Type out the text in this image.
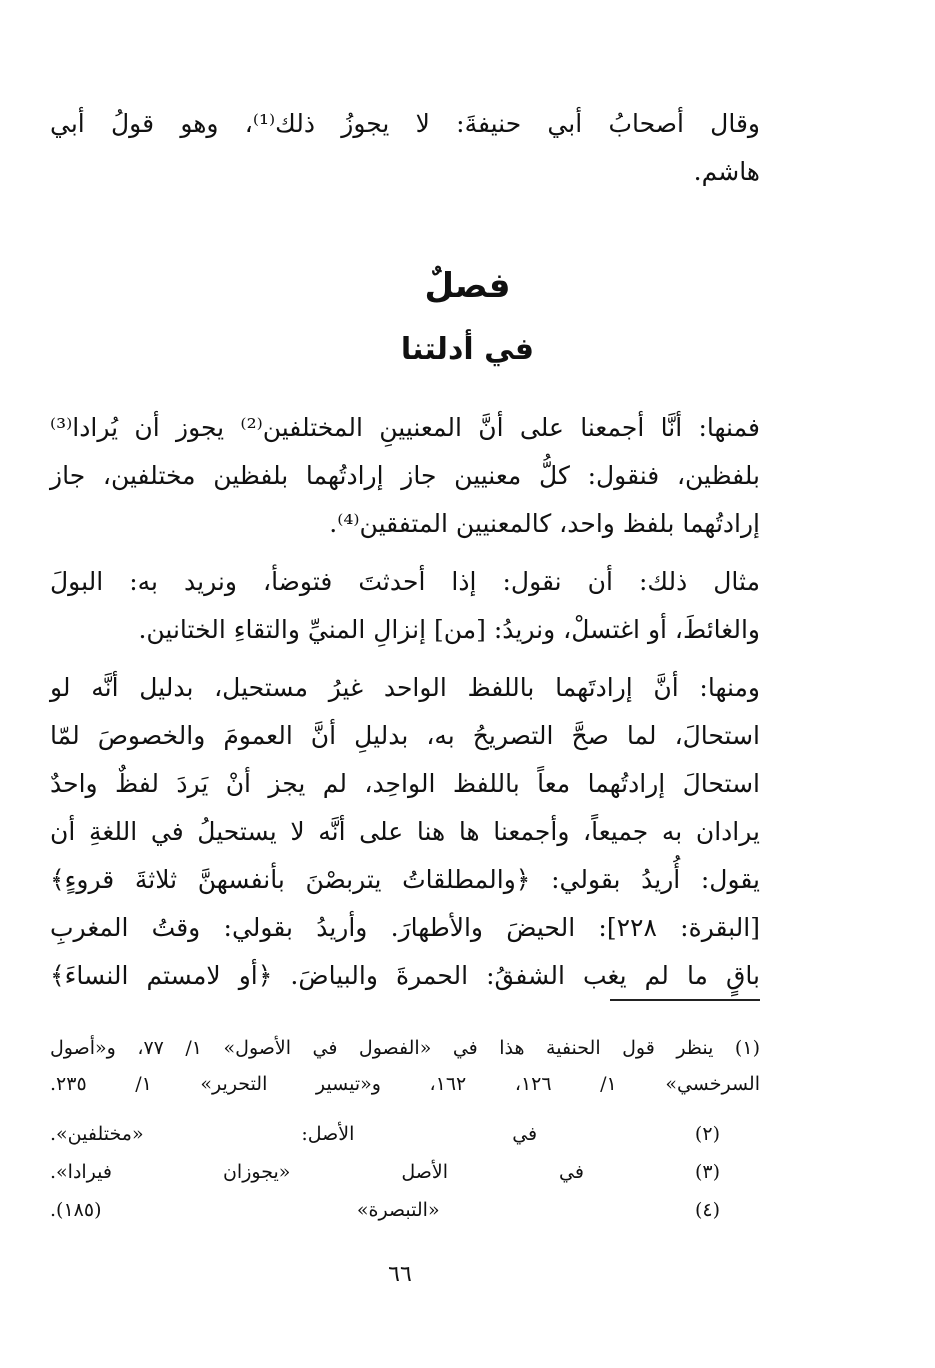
وقال أصحابُ أبي حنيفةَ: لا يجوزُ ذلك⁽¹⁾، وهو قولُ أبي
هاشم.
فصلٌ
في أدلتنا
فمنها: أنَّا أجمعنا على أنَّ المعنيينِ المختلفين⁽²⁾ يجوز أن يُرادا⁽³⁾
بلفظين، فنقول: كلُّ معنيين جاز إرادتُهما بلفظين مختلفين، جاز
إرادتُهما بلفظ واحد، كالمعنيين المتفقين⁽⁴⁾.
مثال ذلك: أن نقول: إذا أحدثتَ فتوضأ، ونريد به: البولَ
والغائطَ، أو اغتسلْ، ونريدُ: [من] إنزالِ المنيِّ والتقاءِ الختانين.
ومنها: أنَّ إرادتَهما باللفظ الواحد غيرُ مستحيل، بدليل أنَّه لو
استحالَ، لما صحَّ التصريحُ به، بدليلِ أنَّ العمومَ والخصوصَ لمّا
استحالَ إرادتُهما معاً باللفظ الواحِد، لم يجز أنْ يَردَ لفظٌ واحدٌ
يرادان به جميعاً، وأجمعنا ها هنا على أنَّه لا يستحيلُ في اللغةِ أن
يقول: أُريدُ بقولي: ﴿والمطلقاتُ يتربصْنَ بأنفسهنَّ ثلاثةَ قروءٍ﴾
[البقرة: ٢٢٨]: الحيضَ والأطهارَ. وأريدُ بقولي: وقتُ المغربِ
باقٍ ما لم يغب الشفقُ: الحمرةَ والبياضَ. ﴿أو لامستم النساءَ﴾
(١) ينظر قول الحنفية هذا في «الفصول في الأصول» ١/ ٧٧، و«أصول
السرخسي» ١/ ١٢٦، ١٦٢، و«تيسير التحرير» ١/ ٢٣٥.
(٢) في الأصل: «مختلفين».
(٣) في الأصل «يجوزان فيرادا».
(٤) «التبصرة» (١٨٥).
٦٦
